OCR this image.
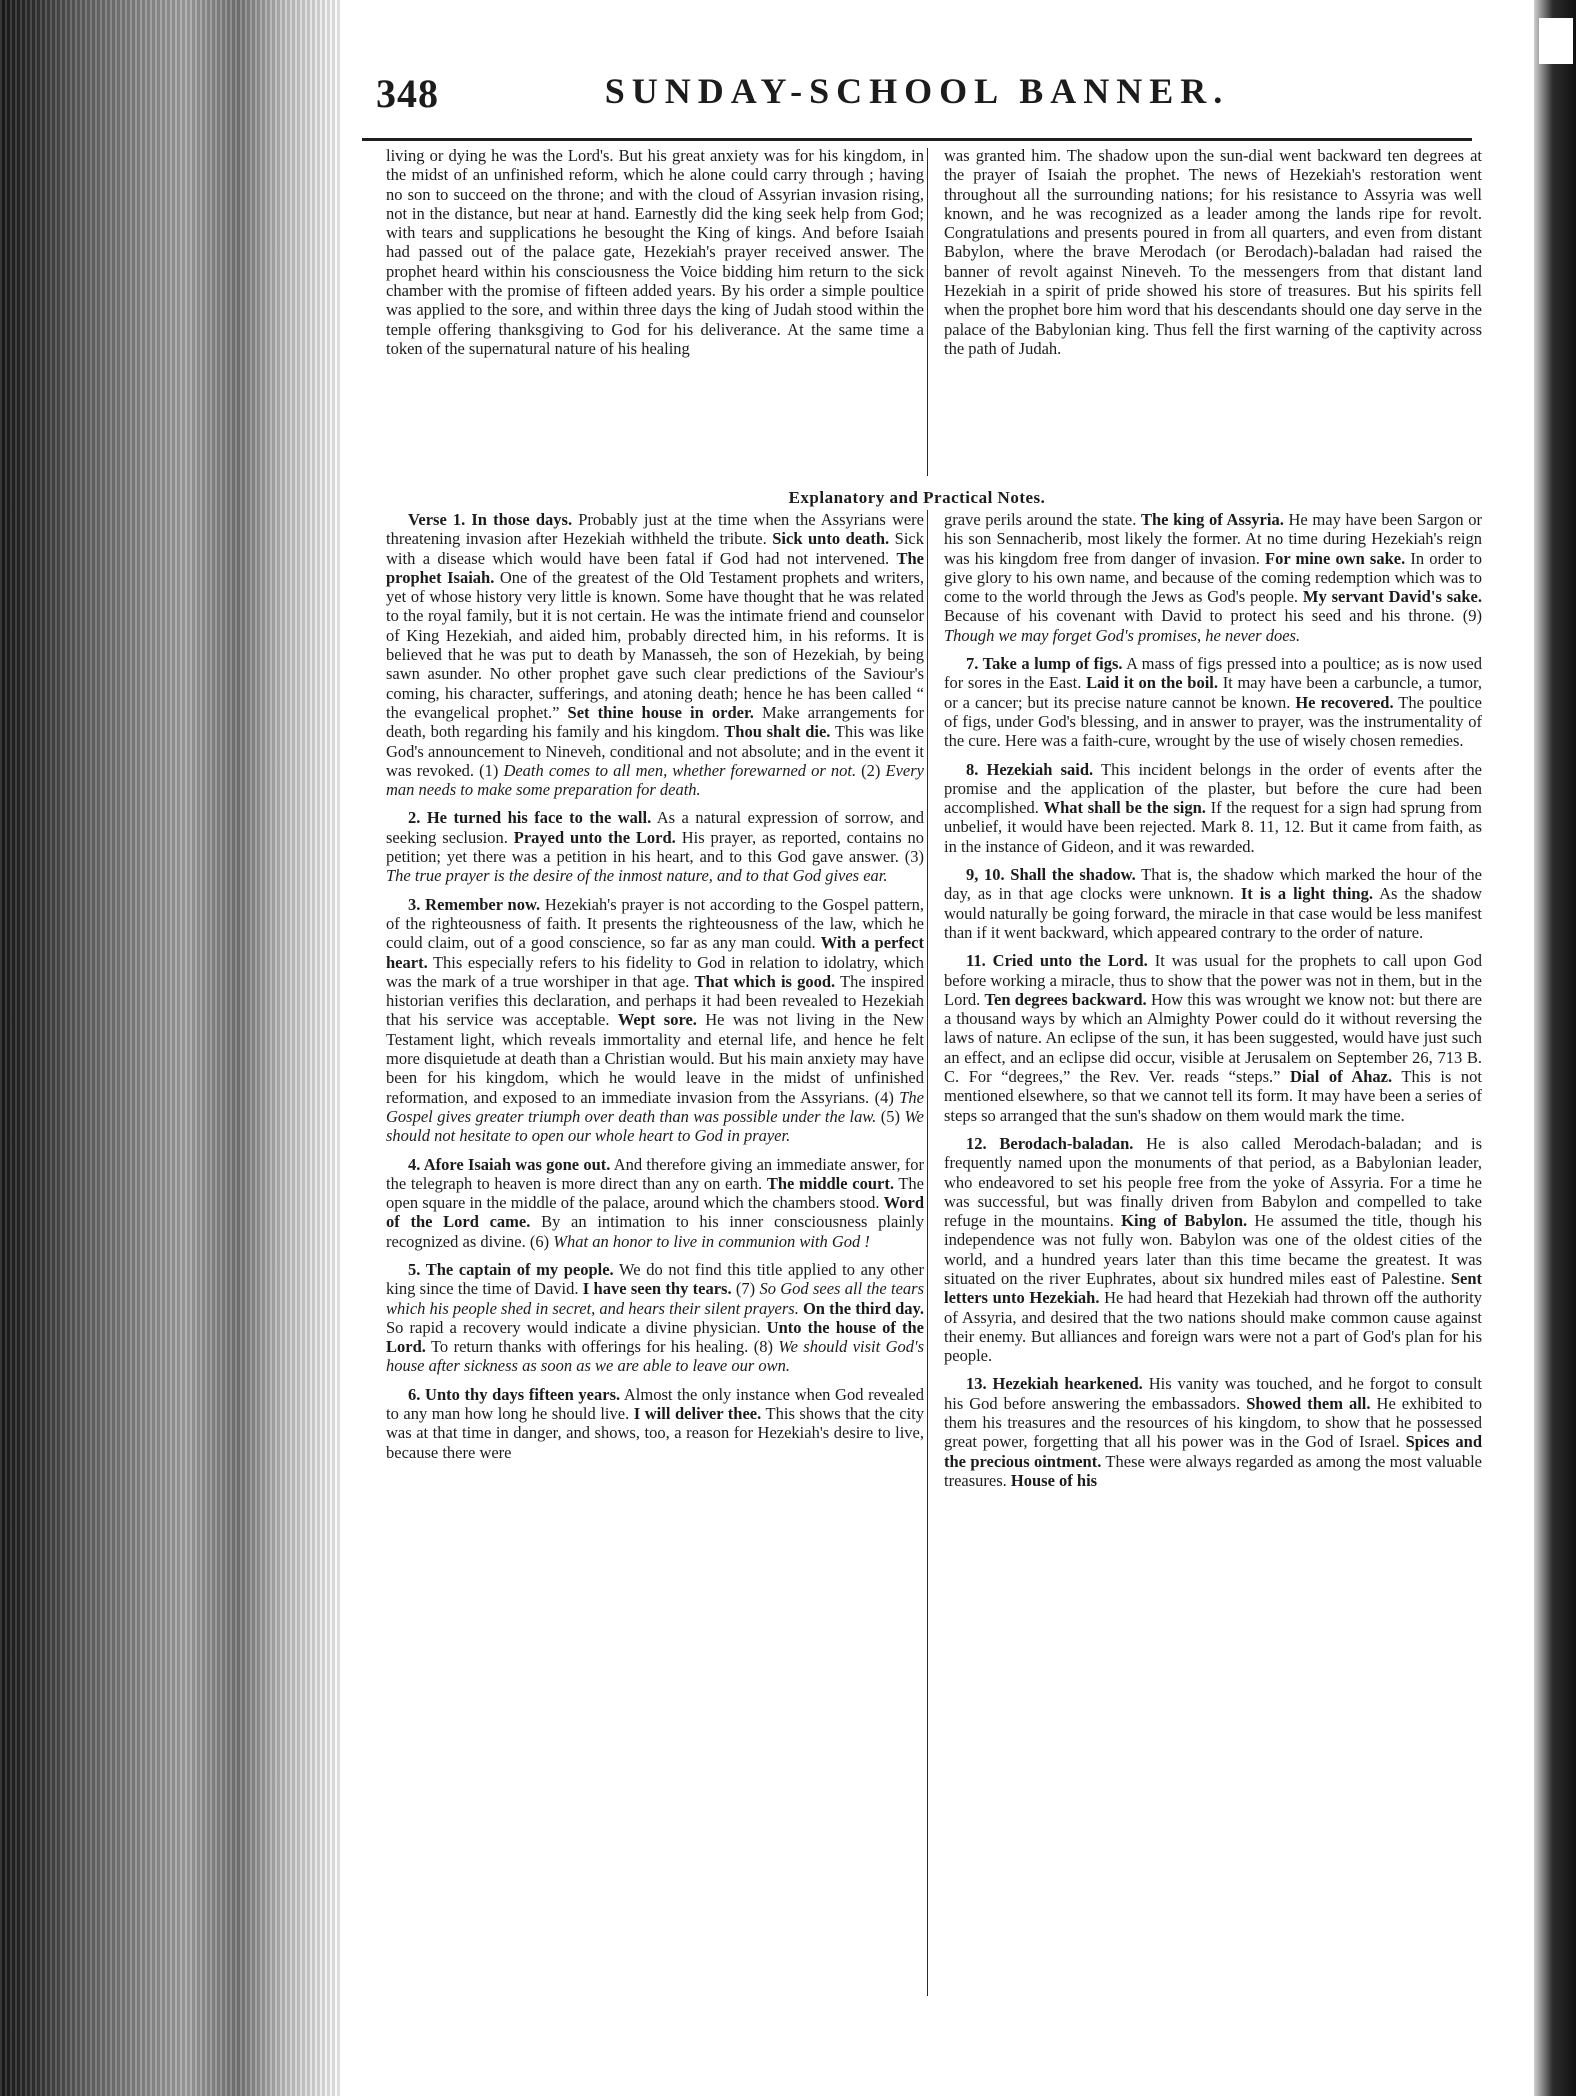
348	SUNDAY-SCHOOL BANNER.

living or dying he was the Lord's. But his great anxiety was for his kingdom, in the midst of an unfinished reform, which he alone could carry through ; having no son to succeed on the throne; and with the cloud of Assyrian invasion rising, not in the distance, but near at hand. Earnestly did the king seek help from God; with tears and supplications he besought the King of kings. And before Isaiah had passed out of the palace gate, Hezekiah's prayer received answer. The prophet heard within his consciousness the Voice bidding him return to the sick chamber with the promise of fifteen added years. By his order a simple poultice was applied to the sore, and within three days the king of Judah stood within the temple offering thanksgiving to God for his deliverance. At the same time a token of the supernatural nature of his healing

was granted him. The shadow upon the sun-dial went backward ten degrees at the prayer of Isaiah the prophet. The news of Hezekiah's restoration went throughout all the surrounding nations; for his resistance to Assyria was well known, and he was recognized as a leader among the lands ripe for revolt. Congratulations and presents poured in from all quarters, and even from distant Babylon, where the brave Merodach (or Berodach)-baladan had raised the banner of revolt against Nineveh. To the messengers from that distant land Hezekiah in a spirit of pride showed his store of treasures. But his spirits fell when the prophet bore him word that his descendants should one day serve in the palace of the Babylonian king. Thus fell the first warning of the captivity across the path of Judah.

Explanatory and Practical Notes.

Verse 1. In those days. Probably just at the time when the Assyrians were threatening invasion after Hezekiah withheld the tribute. Sick unto death. Sick with a disease which would have been fatal if God had not intervened. The prophet Isaiah. One of the greatest of the Old Testament prophets and writers, yet of whose history very little is known. Some have thought that he was related to the royal family, but it is not certain. He was the intimate friend and counselor of King Hezekiah, and aided him, probably directed him, in his reforms. It is believed that he was put to death by Manasseh, the son of Hezekiah, by being sawn asunder. No other prophet gave such clear predictions of the Saviour's coming, his character, sufferings, and atoning death; hence he has been called “ the evangelical prophet.” Set thine house in order. Make arrangements for death, both regarding his family and his kingdom. Thou shalt die. This was like God's announcement to Nineveh, conditional and not absolute; and in the event it was revoked. (1) Death comes to all men, whether forewarned or not. (2) Every man needs to make some preparation for death.

2. He turned his face to the wall. As a natural expression of sorrow, and seeking seclusion. Prayed unto the Lord. His prayer, as reported, contains no petition; yet there was a petition in his heart, and to this God gave answer. (3) The true prayer is the desire of the inmost nature, and to that God gives ear.

3. Remember now. Hezekiah's prayer is not according to the Gospel pattern, of the righteousness of faith. It presents the righteousness of the law, which he could claim, out of a good conscience, so far as any man could. With a perfect heart. This especially refers to his fidelity to God in relation to idolatry, which was the mark of a true worshiper in that age. That which is good. The inspired historian verifies this declaration, and perhaps it had been revealed to Hezekiah that his service was acceptable. Wept sore. He was not living in the New Testament light, which reveals immortality and eternal life, and hence he felt more disquietude at death than a Christian would. But his main anxiety may have been for his kingdom, which he would leave in the midst of unfinished reformation, and exposed to an immediate invasion from the Assyrians. (4) The Gospel gives greater triumph over death than was possible under the law. (5) We should not hesitate to open our whole heart to God in prayer.

4. Afore Isaiah was gone out. And therefore giving an immediate answer, for the telegraph to heaven is more direct than any on earth. The middle court. The open square in the middle of the palace, around which the chambers stood. Word of the Lord came. By an intimation to his inner consciousness plainly recognized as divine. (6) What an honor to live in communion with God !

5. The captain of my people. We do not find this title applied to any other king since the time of David. I have seen thy tears. (7) So God sees all the tears which his people shed in secret, and hears their silent prayers. On the third day. So rapid a recovery would indicate a divine physician. Unto the house of the Lord. To return thanks with offerings for his healing. (8) We should visit God's house after sickness as soon as we are able to leave our own.

6. Unto thy days fifteen years. Almost the only instance when God revealed to any man how long he should live. I will deliver thee. This shows that the city was at that time in danger, and shows, too, a reason for Hezekiah's desire to live, because there were

grave perils around the state. The king of Assyria. He may have been Sargon or his son Sennacherib, most likely the former. At no time during Hezekiah's reign was his kingdom free from danger of invasion. For mine own sake. In order to give glory to his own name, and because of the coming redemption which was to come to the world through the Jews as God's people. My servant David's sake. Because of his covenant with David to protect his seed and his throne. (9) Though we may forget God's promises, he never does.

7. Take a lump of figs. A mass of figs pressed into a poultice; as is now used for sores in the East. Laid it on the boil. It may have been a carbuncle, a tumor, or a cancer; but its precise nature cannot be known. He recovered. The poultice of figs, under God's blessing, and in answer to prayer, was the instrumentality of the cure. Here was a faith-cure, wrought by the use of wisely chosen remedies.

8. Hezekiah said. This incident belongs in the order of events after the promise and the application of the plaster, but before the cure had been accomplished. What shall be the sign. If the request for a sign had sprung from unbelief, it would have been rejected. Mark 8. 11, 12. But it came from faith, as in the instance of Gideon, and it was rewarded.

9, 10. Shall the shadow. That is, the shadow which marked the hour of the day, as in that age clocks were unknown. It is a light thing. As the shadow would naturally be going forward, the miracle in that case would be less manifest than if it went backward, which appeared contrary to the order of nature.

11. Cried unto the Lord. It was usual for the prophets to call upon God before working a miracle, thus to show that the power was not in them, but in the Lord. Ten degrees backward. How this was wrought we know not: but there are a thousand ways by which an Almighty Power could do it without reversing the laws of nature. An eclipse of the sun, it has been suggested, would have just such an effect, and an eclipse did occur, visible at Jerusalem on September 26, 713 B. C. For “degrees,” the Rev. Ver. reads “steps.” Dial of Ahaz. This is not mentioned elsewhere, so that we cannot tell its form. It may have been a series of steps so arranged that the sun's shadow on them would mark the time.

12. Berodach-baladan. He is also called Merodach-baladan; and is frequently named upon the monuments of that period, as a Babylonian leader, who endeavored to set his people free from the yoke of Assyria. For a time he was successful, but was finally driven from Babylon and compelled to take refuge in the mountains. King of Babylon. He assumed the title, though his independence was not fully won. Babylon was one of the oldest cities of the world, and a hundred years later than this time became the greatest. It was situated on the river Euphrates, about six hundred miles east of Palestine. Sent letters unto Hezekiah. He had heard that Hezekiah had thrown off the authority of Assyria, and desired that the two nations should make common cause against their enemy. But alliances and foreign wars were not a part of God's plan for his people.

13. Hezekiah hearkened. His vanity was touched, and he forgot to consult his God before answering the embassadors. Showed them all. He exhibited to them his treasures and the resources of his kingdom, to show that he possessed great power, forgetting that all his power was in the God of Israel. Spices and the precious ointment. These were always regarded as among the most valuable treasures. House of his
